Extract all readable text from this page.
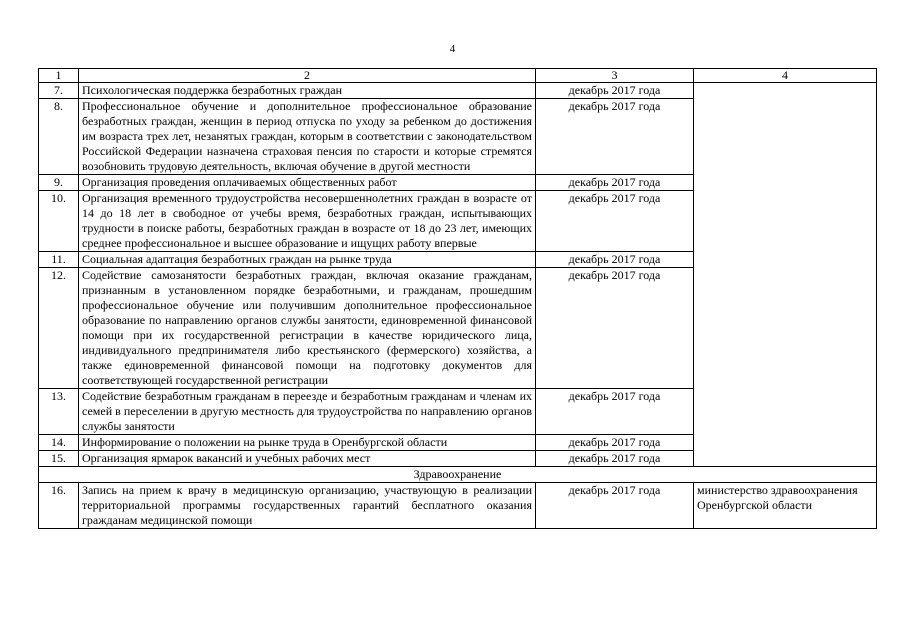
4
1	2	3	4
7.	Психологическая поддержка безработных граждан	декабрь 2017 года	
8.	Профессиональное обучение и дополнительное профессиональное образование безработных граждан, женщин в период отпуска по уходу за ребенком до достижения им возраста трех лет, незанятых граждан, которым в соответствии с законодательством Российской Федерации назначена страховая пенсия по старости и которые стремятся возобновить трудовую деятельность, включая обучение в другой местности	декабрь 2017 года	
9.	Организация проведения оплачиваемых общественных работ	декабрь 2017 года	
10.	Организация временного трудоустройства несовершеннолетних граждан в возрасте от 14 до 18 лет в свободное от учебы время, безработных граждан, испытывающих трудности в поиске работы, безработных граждан в возрасте от 18 до 23 лет, имеющих среднее профессиональное и высшее образование и ищущих работу впервые	декабрь 2017 года	
11.	Социальная адаптация безработных граждан на рынке труда	декабрь 2017 года	
12.	Содействие самозанятости безработных граждан, включая оказание гражданам, признанным в установленном порядке безработными, и гражданам, прошедшим профессиональное обучение или получившим дополнительное профессиональное образование по направлению органов службы занятости, единовременной финансовой помощи при их государственной регистрации в качестве юридического лица, индивидуального предпринимателя либо крестьянского (фермерского) хозяйства, а также единовременной финансовой помощи на подготовку документов для соответствующей государственной регистрации	декабрь 2017 года	
13.	Содействие безработным гражданам в переезде и безработным гражданам и членам их семей в переселении в другую местность для трудоустройства по направлению органов службы занятости	декабрь 2017 года	
14.	Информирование о положении на рынке труда в Оренбургской области	декабрь 2017 года	
15.	Организация ярмарок вакансий и учебных рабочих мест	декабрь 2017 года	
Здравоохранение			
16.	Запись на прием к врачу в медицинскую организацию, участвующую в реализации территориальной программы государственных гарантий бесплатного оказания гражданам медицинской помощи	декабрь 2017 года	министерство здравоохранения Оренбургской области
